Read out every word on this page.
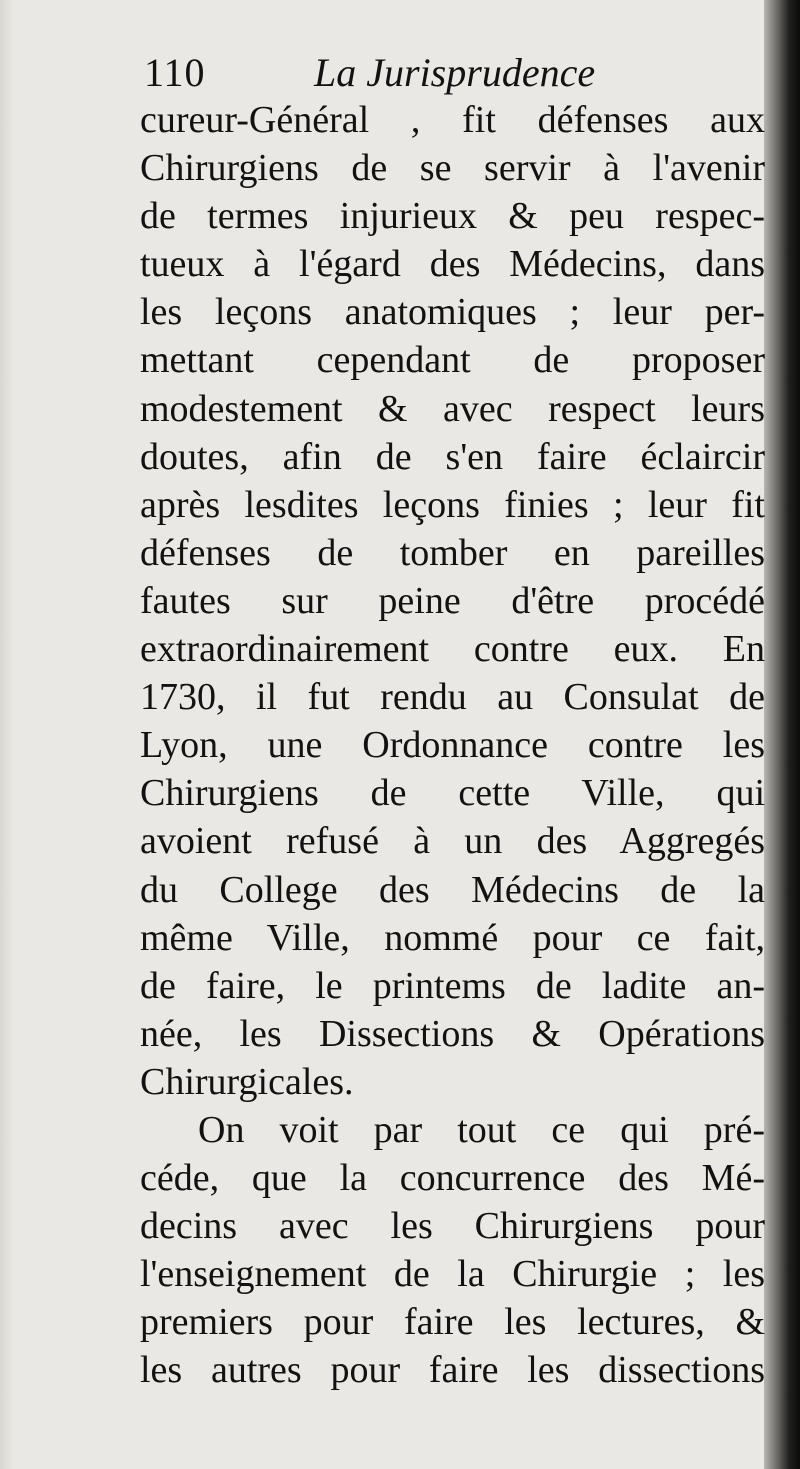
110	La Jurisprudence
cureur-Général , fit défenses aux
Chirurgiens de se servir à l'avenir
de termes injurieux & peu respec-
tueux à l'égard des Médecins, dans
les leçons anatomiques ; leur per-
mettant cependant de proposer
modestement & avec respect leurs
doutes, afin de s'en faire éclaircir
après lesdites leçons finies ; leur fit
défenses de tomber en pareilles
fautes sur peine d'être procédé
extraordinairement contre eux. En
1730, il fut rendu au Consulat de
Lyon, une Ordonnance contre les
Chirurgiens de cette Ville, qui
avoient refusé à un des Aggregés
du College des Médecins de la
même Ville, nommé pour ce fait,
de faire, le printems de ladite an-
née, les Dissections & Opérations
Chirurgicales.
On voit par tout ce qui pré-
céde, que la concurrence des Mé-
decins avec les Chirurgiens pour
l'enseignement de la Chirurgie ; les
premiers pour faire les lectures, &
les autres pour faire les dissections
